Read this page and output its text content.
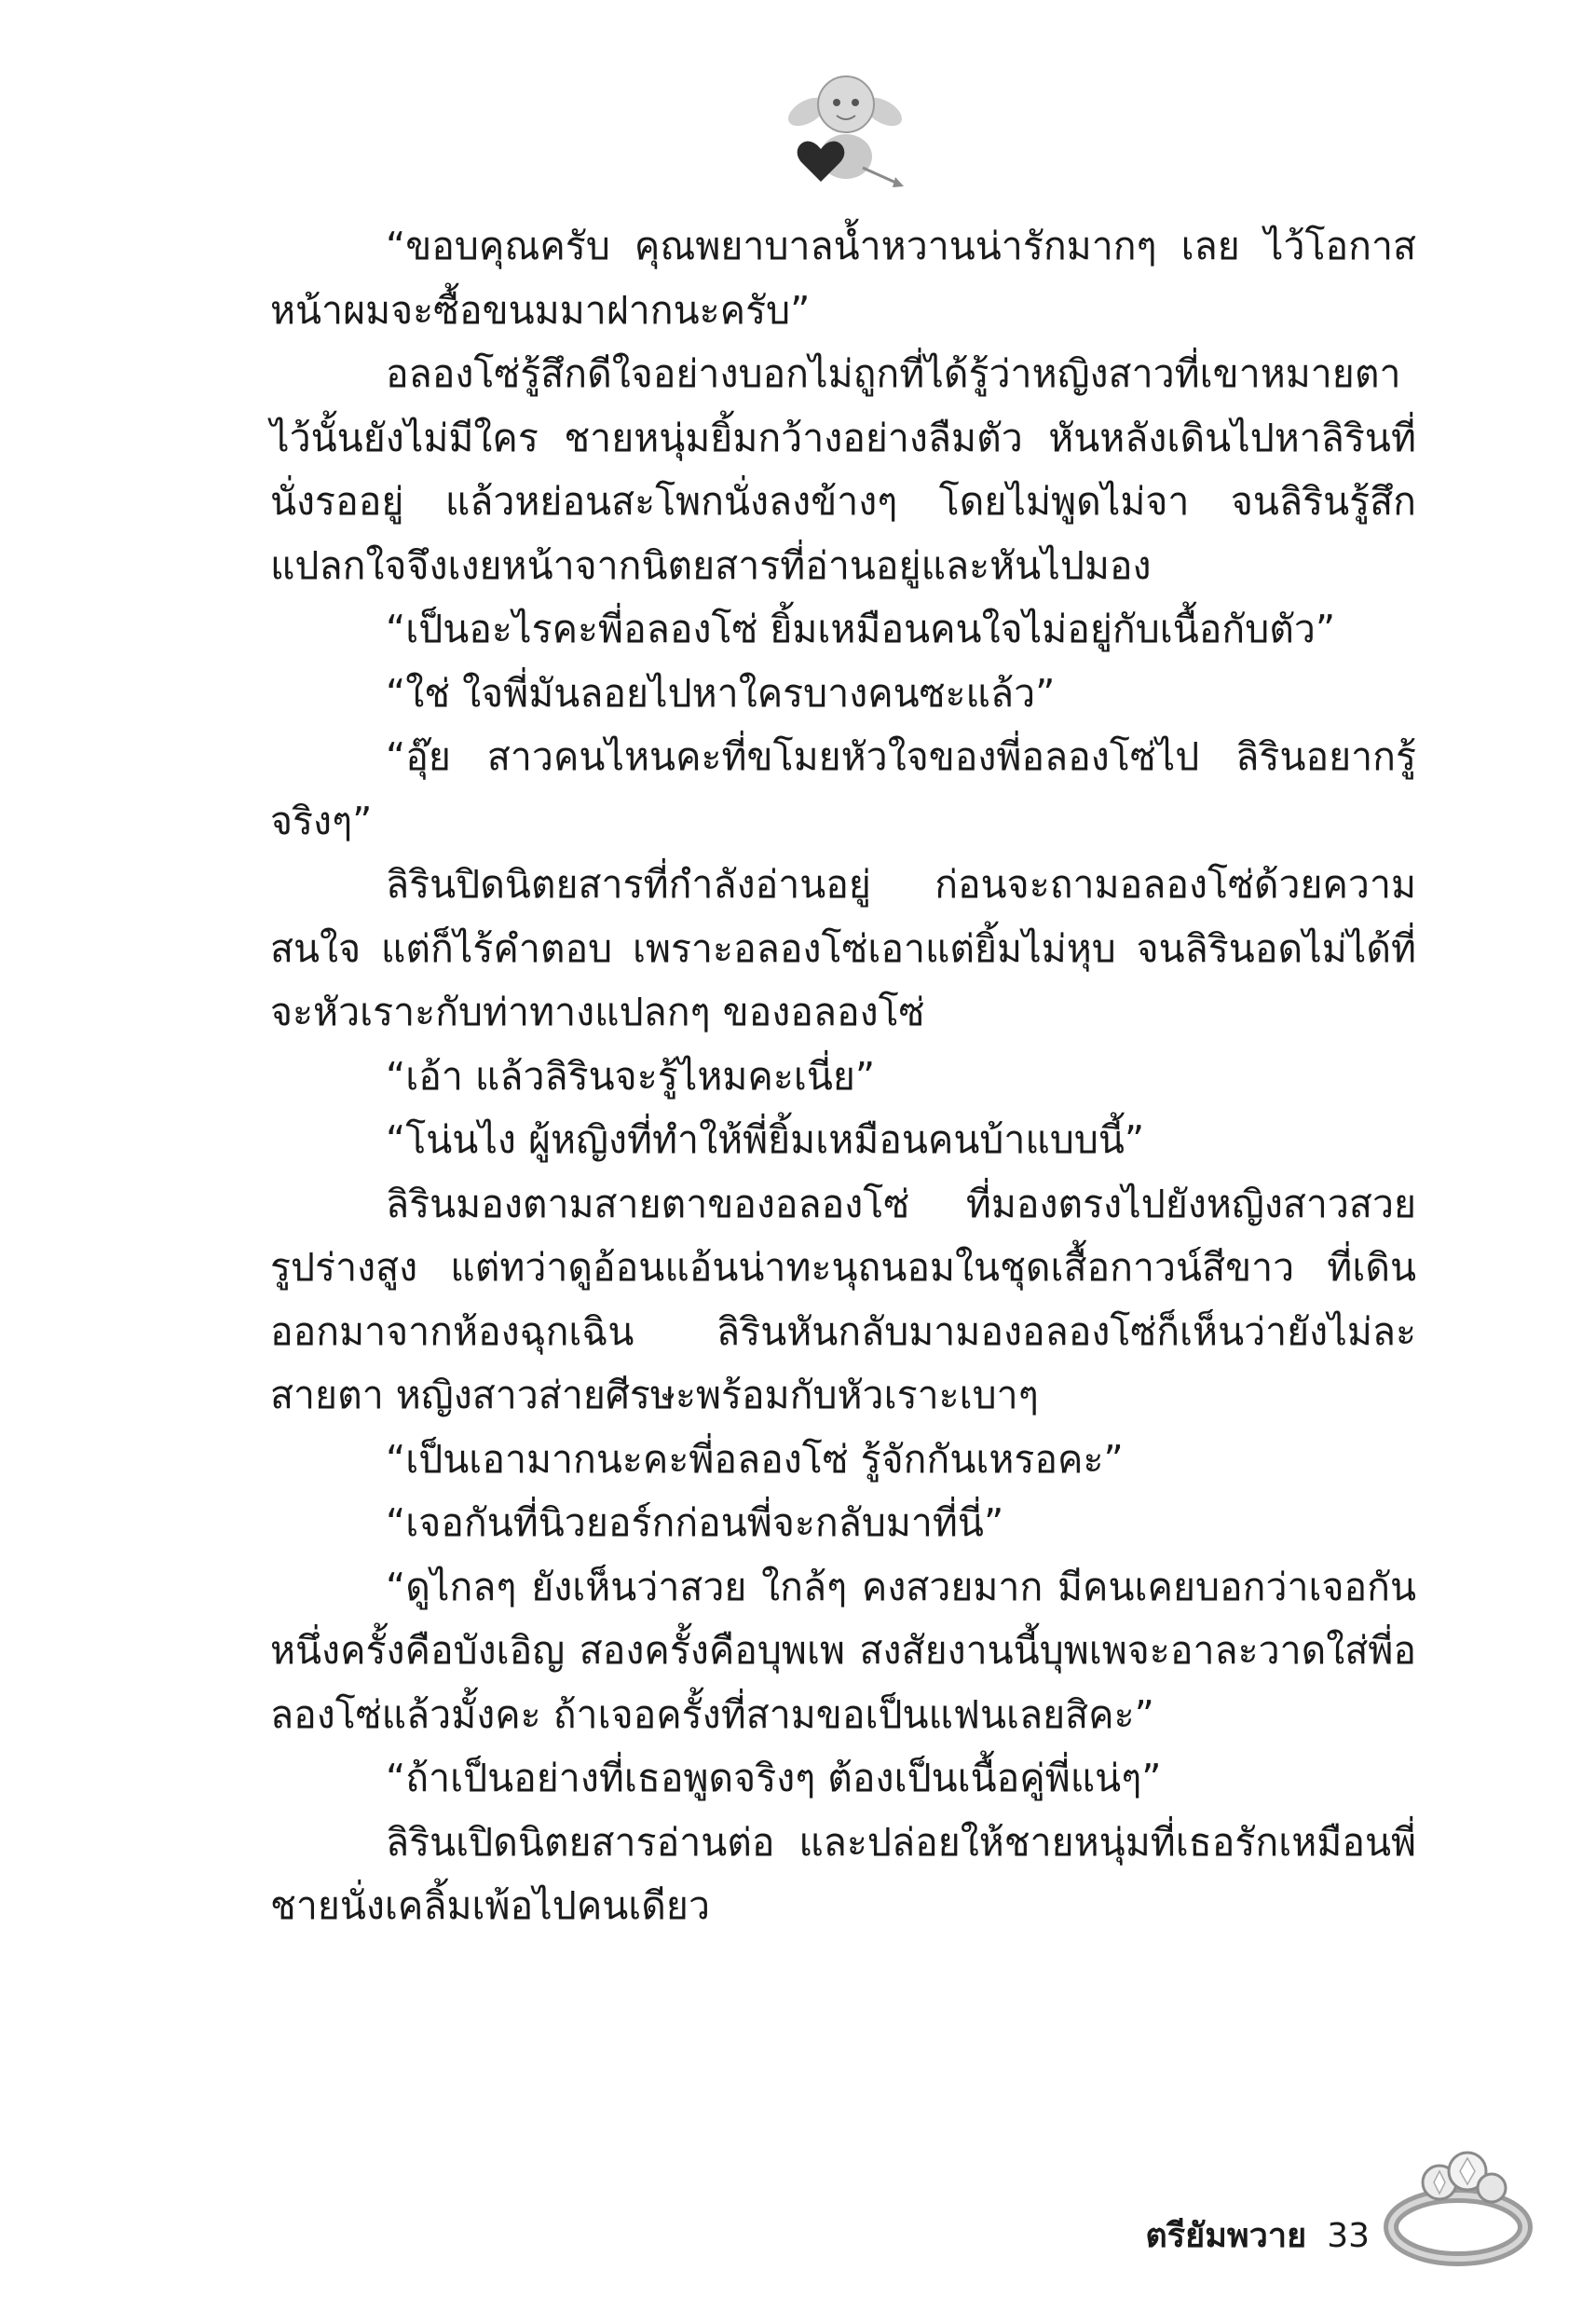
“ขอบคุณครับ คุณพยาบาลน้ำหวานน่ารักมากๆ เลย ไว้โอกาสหน้าผมจะซื้อขนมมาฝากนะครับ”

อลองโซ่รู้สึกดีใจอย่างบอกไม่ถูกที่ได้รู้ว่าหญิงสาวที่เขาหมายตาไว้นั้นยังไม่มีใคร ชายหนุ่มยิ้มกว้างอย่างลืมตัว หันหลังเดินไปหาลิรินที่นั่งรออยู่ แล้วหย่อนสะโพกนั่งลงข้างๆ โดยไม่พูดไม่จา จนลิรินรู้สึกแปลกใจจึงเงยหน้าจากนิตยสารที่อ่านอยู่และหันไปมอง

“เป็นอะไรคะพี่อลองโซ่ ยิ้มเหมือนคนใจไม่อยู่กับเนื้อกับตัว”

“ใช่ ใจพี่มันลอยไปหาใครบางคนซะแล้ว”

“อุ๊ย สาวคนไหนคะที่ขโมยหัวใจของพี่อลองโซ่ไป ลิรินอยากรู้จริงๆ”

ลิรินปิดนิตยสารที่กำลังอ่านอยู่ ก่อนจะถามอลองโซ่ด้วยความสนใจ แต่ก็ไร้คำตอบ เพราะอลองโซ่เอาแต่ยิ้มไม่หุบ จนลิรินอดไม่ได้ที่จะหัวเราะกับท่าทางแปลกๆ ของอลองโซ่

“เอ้า แล้วลิรินจะรู้ไหมคะเนี่ย”

“โน่นไง ผู้หญิงที่ทำให้พี่ยิ้มเหมือนคนบ้าแบบนี้”

ลิรินมองตามสายตาของอลองโซ่ ที่มองตรงไปยังหญิงสาวสวยรูปร่างสูง แต่ทว่าดูอ้อนแอ้นน่าทะนุถนอมในชุดเสื้อกาวน์สีขาว ที่เดินออกมาจากห้องฉุกเฉิน ลิรินหันกลับมามองอลองโซ่ก็เห็นว่ายังไม่ละสายตา หญิงสาวส่ายศีรษะพร้อมกับหัวเราะเบาๆ

“เป็นเอามากนะคะพี่อลองโซ่ รู้จักกันเหรอคะ”

“เจอกันที่นิวยอร์กก่อนพี่จะกลับมาที่นี่”

“ดูไกลๆ ยังเห็นว่าสวย ใกล้ๆ คงสวยมาก มีคนเคยบอกว่าเจอกันหนึ่งครั้งคือบังเอิญ สองครั้งคือบุพเพ สงสัยงานนี้บุพเพจะอาละวาดใส่พี่อลองโซ่แล้วมั้งคะ ถ้าเจอครั้งที่สามขอเป็นแฟนเลยสิคะ”

“ถ้าเป็นอย่างที่เธอพูดจริงๆ ต้องเป็นเนื้อคู่พี่แน่ๆ”

ลิรินเปิดนิตยสารอ่านต่อ และปล่อยให้ชายหนุ่มที่เธอรักเหมือนพี่ชายนั่งเคลิ้มเพ้อไปคนเดียว

ตรียัมพวาย 33
